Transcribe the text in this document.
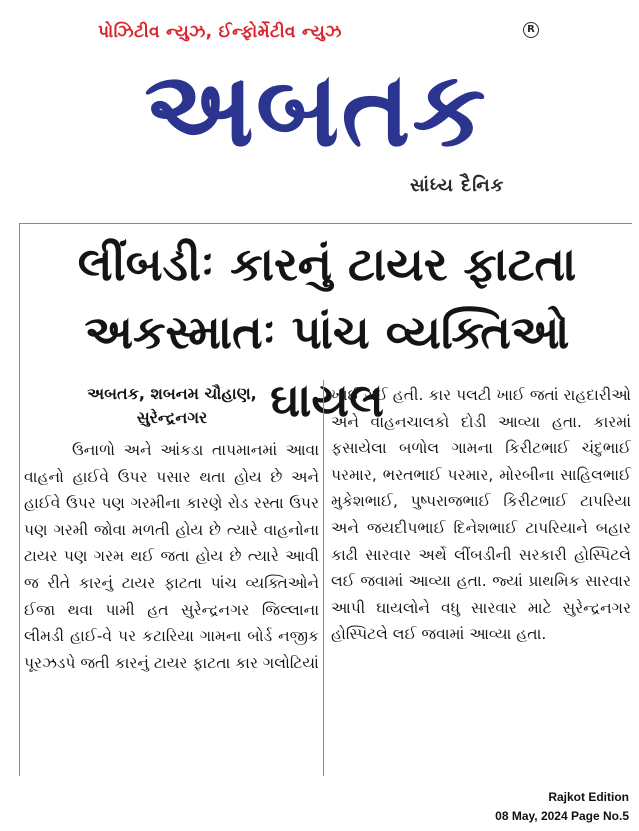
પોઝિટીવ ન્યુઝ, ઈન્ફોર્મેટીવ ન્યુઝ	R
અબતક
સાંધ્ય દૈનિક
લીંબડીઃ કારનું ટાયર ફાટતા
અકસ્માતઃ પાંચ વ્યક્તિઓ ઘાયલ
અબતક, શબનમ ચૌહાણ,
સુરેન્દ્રનગર
ઉનાળો અને આંકડા તાપમાનમાં આવા વાહનો હાઈવે ઉપર પસાર થતા હોય છે અને હાઈવે ઉપર પણ ગરમીના કારણે રોડ રસ્તા ઉપર પણ ગરમી જોવા મળતી હોય છે ત્યારે વાહનોના ટાયર પણ ગરમ થઈ જતા હોય છે ત્યારે આવી જ રીતે કારનું ટાયર ફાટતા પાંચ વ્યક્તિઓને ઈજા થવા પામી હત સુરેન્દ્રનગર જિલ્લાના લીમડી હાઈ-વે પર કટારિયા ગામના બોર્ડ નજીક પૂરઝડપે જતી કારનું ટાયર ફાટતા કાર ગલોટિયાં
ખાઈ ગઈ હતી. કાર પલટી ખાઈ જતાં રાહદારીઓ અને વાહનચાલકો દોડી આવ્યા હતા. કારમાં ફસાયેલા બળોલ ગામના કિરીટભાઈ ચંદુભાઈ પરમાર, ભરતભાઈ પરમાર, મોરબીના સાહિલભાઈ મુકેશભાઈ, પુષ્પરાજભાઈ કિરીટભાઈ ટાપરિયા અને જયદીપભાઈ દિનેશભાઈ ટાપરિયાને બહાર કાઢી સારવાર અર્થે લીંબડીની સરકારી હોસ્પિટલે લઈ જવામાં આવ્યા હતા. જ્યાં પ્રાથમિક સારવાર આપી ઘાયલોને વધુ સારવાર માટે સુરેન્દ્રનગર હોસ્પિટલે લઈ જવામાં આવ્યા હતા.
Rajkot Edition
08 May, 2024 Page No.5
